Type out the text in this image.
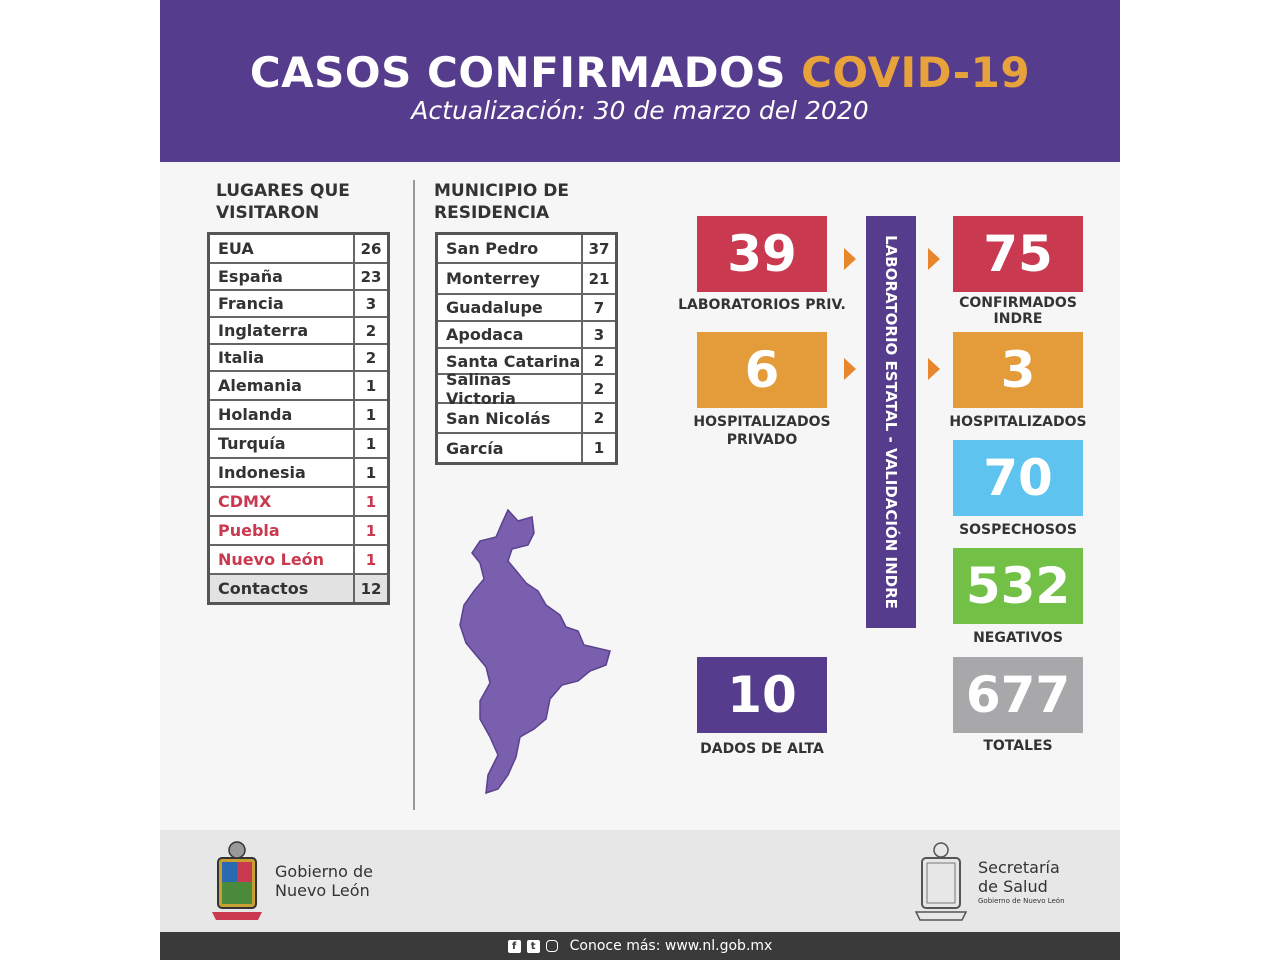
CASOS CONFIRMADOS COVID-19
Actualización: 30 de marzo del 2020
LUGARES QUE
VISITARON
EUA	26
España	23
Francia	3
Inglaterra	2
Italia	2
Alemania	1
Holanda	1
Turquía	1
Indonesia	1
CDMX	1
Puebla	1
Nuevo León	1
Contactos	12
MUNICIPIO DE
RESIDENCIA
San Pedro	37
Monterrey	21
Guadalupe	7
Apodaca	3
Santa Catarina 2
Salinas Victoria	2
San Nicolás	2
García	1
39
LABORATORIOS PRIV.
6
HOSPITALIZADOS
PRIVADO
10
DADOS DE ALTA
LABORATORIO ESTATAL - VALIDACIÓN INDRE	75
CONFIRMADOS
INDRE
3
HOSPITALIZADOS
70
SOSPECHOSOS
532
NEGATIVOS
677
TOTALES
Gobierno de
Nuevo León
Secretaría
de Salud
Gobierno de Nuevo León
f	t Conoce más: www.nl.gob.mx
